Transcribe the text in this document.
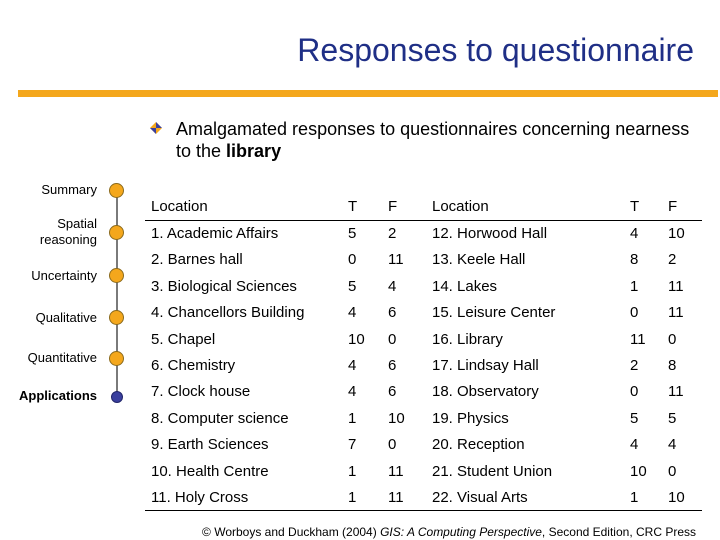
Responses to questionnaire
Amalgamated responses to questionnaires concerning nearness to the library
Summary
Spatial reasoning
Uncertainty
Qualitative
Quantitative
Applications
Location	T	F	Location	T	F
1. Academic Affairs	5	2	12. Horwood Hall	4	10
2. Barnes hall	0	11	13. Keele Hall	8	2
3. Biological Sciences	5	4	14. Lakes	1	11
4. Chancellors Building	4	6	15. Leisure Center	0	11
5. Chapel	10	0	16. Library	11	0
6. Chemistry	4	6	17. Lindsay Hall	2	8
7. Clock house	4	6	18. Observatory	0	11
8. Computer science	1	10	19. Physics	5	5
9. Earth Sciences	7	0	20. Reception	4	4
10. Health Centre	1	11	21. Student Union	10	0
11. Holy Cross	1	11	22. Visual Arts	1	10
© Worboys and Duckham (2004) GIS: A Computing Perspective, Second Edition, CRC Press
